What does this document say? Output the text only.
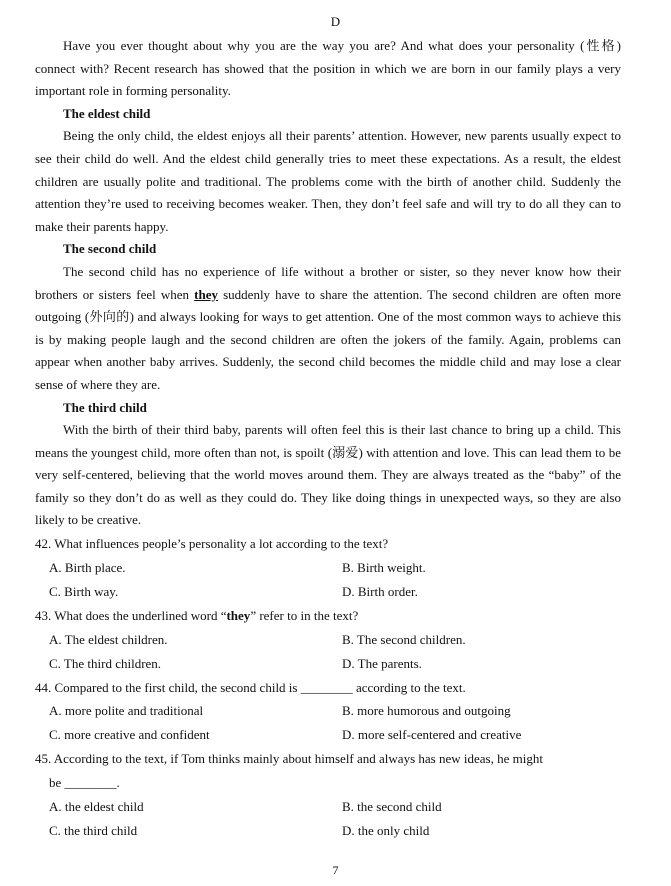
D

Have you ever thought about why you are the way you are? And what does your personality (性格) connect with? Recent research has showed that the position in which we are born in our family plays a very important role in forming personality.

The eldest child

Being the only child, the eldest enjoys all their parents’ attention. However, new parents usually expect to see their child do well. And the eldest child generally tries to meet these expectations. As a result, the eldest children are usually polite and traditional. The problems come with the birth of another child. Suddenly the attention they’re used to receiving becomes weaker. Then, they don’t feel safe and will try to do all they can to make their parents happy.

The second child

The second child has no experience of life without a brother or sister, so they never know how their brothers or sisters feel when they suddenly have to share the attention. The second children are often more outgoing (外向的) and always looking for ways to get attention. One of the most common ways to achieve this is by making people laugh and the second children are often the jokers of the family. Again, problems can appear when another baby arrives. Suddenly, the second child becomes the middle child and may lose a clear sense of where they are.

The third child

With the birth of their third baby, parents will often feel this is their last chance to bring up a child. This means the youngest child, more often than not, is spoilt (溺爱) with attention and love. This can lead them to be very self-centered, believing that the world moves around them. They are always treated as the “baby” of the family so they don’t do as well as they could do. They like doing things in unexpected ways, so they are also likely to be creative.

42. What influences people’s personality a lot according to the text?

A. Birth place.	B. Birth weight.
C. Birth way.	D. Birth order.

43. What does the underlined word “they” refer to in the text?

A. The eldest children.	B. The second children.
C. The third children.	D. The parents.

44. Compared to the first child, the second child is ________ according to the text.

A. more polite and traditional	B. more humorous and outgoing
C. more creative and confident	D. more self-centered and creative

45. According to the text, if Tom thinks mainly about himself and always has new ideas, he might

be ________.

A. the eldest child	B. the second child
C. the third child	D. the only child
7
